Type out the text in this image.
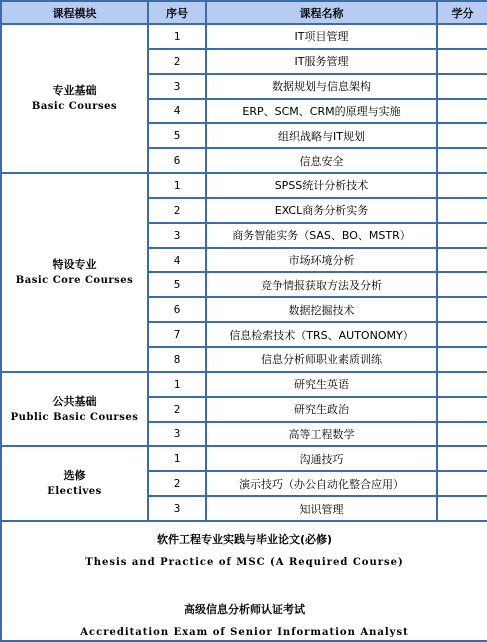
课程模块	序号	课程名称	学分

专业基础
Basic Courses	1	IT项目管理	
	2	IT服务管理	
	3	数据规划与信息架构	
	4	ERP、SCM、CRM的原理与实施	
	5	组织战略与IT规划	
	6	信息安全	

特设专业
Basic Core Courses	1	SPSS统计分析技术	
	2	EXCL商务分析实务	
	3	商务智能实务（SAS、BO、MSTR）	
	4	市场环境分析	
	5	竞争情报获取方法及分析	
	6	数据挖掘技术	
	7	信息检索技术（TRS、AUTONOMY）	
	8	信息分析师职业素质训练	

公共基础
Public Basic Courses	1	研究生英语	
	2	研究生政治	
	3	高等工程数学	

选修
Electives	1	沟通技巧	
	2	演示技巧（办公自动化整合应用）	
	3	知识管理	

软件工程专业实践与毕业论文(必修)
Thesis and Practice of MSC (A Required Course)
高级信息分析师认证考试
Accreditation Exam of Senior Information Analyst			
